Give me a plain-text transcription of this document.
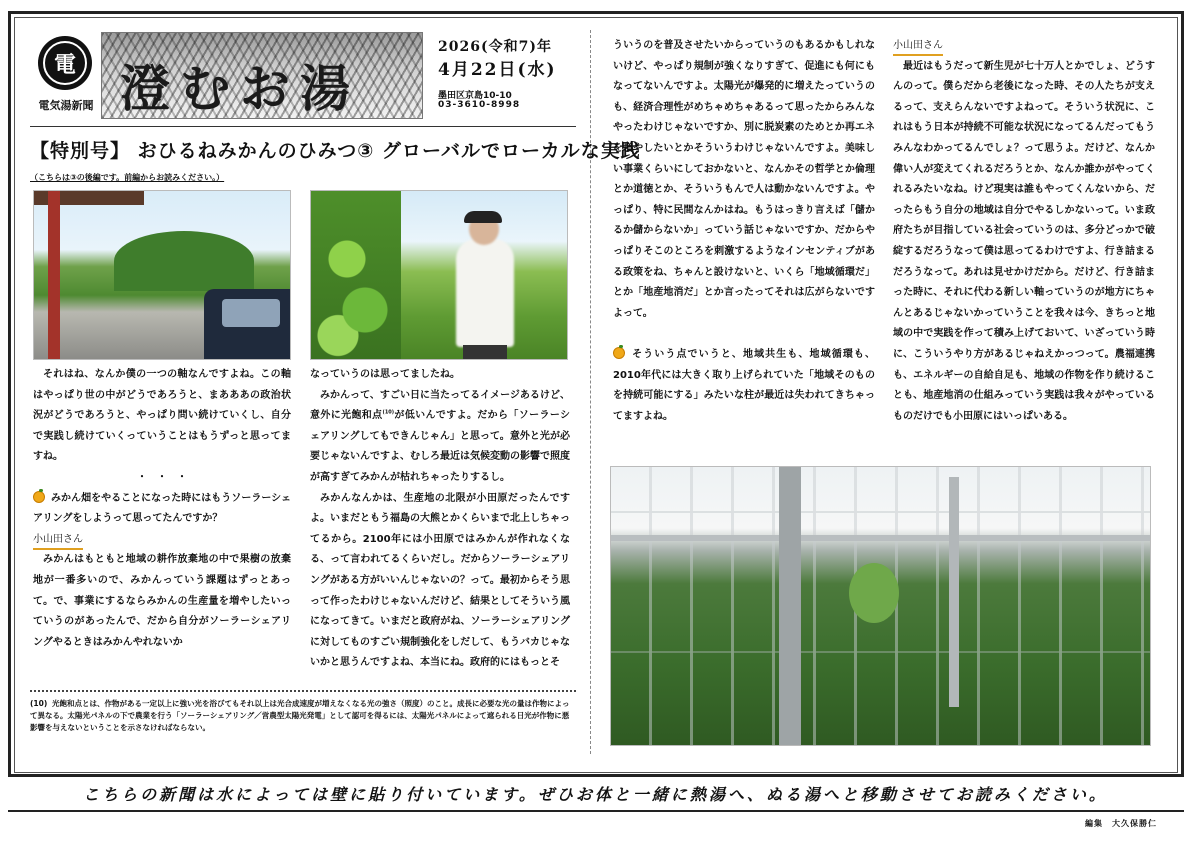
電
電気湯新聞 澄むお湯
2026(令和7)年
4月22日(水)
墨田区京島10-10
03-3610-8998
【特別号】 おひるねみかんのひみつ③ グローバルでローカルな実践
（こちらは③の後編です。前編からお読みください。）

それはね、なんか僕の一つの軸なんですよね。この軸はやっぱり世の中がどうであろうと、まあああの政治状況がどうであろうと、やっぱり問い続けていくし、自分で実践し続けていくっていうことはもうずっと思ってますね。

・・・

みかん畑をやることになった時にはもうソーラーシェアリングをしようって思ってたんですか？

小山田さん

みかんはもともと地域の耕作放棄地の中で果樹の放棄地が一番多いので、みかんっていう課題はずっとあって。で、事業にするならみかんの生産量を増やしたいっていうのがあったんで、だから自分がソーラーシェアリングやるときはみかんやれないか

なっていうのは思ってましたね。

みかんって、すごい日に当たってるイメージあるけど、意外に光飽和点$^{(10)}$が低いんですよ。だから「ソーラーシェアリングしてもできんじゃん」と思って。意外と光が必要じゃないんですよ、むしろ最近は気候変動の影響で照度が高すぎてみかんが枯れちゃったりするし。

みかんなんかは、生産地の北限が小田原だったんですよ。いまだともう福島の大熊とかくらいまで北上しちゃってるから。2100年には小田原ではみかんが作れなくなる、って言われてるくらいだし。だからソーラーシェアリングがある方がいいんじゃないの？って。最初からそう思って作ったわけじゃないんだけど、結果としてそういう風になってきて。いまだと政府がね、ソーラーシェアリングに対してものすごい規制強化をしだして、もうバカじゃないかと思うんですよね、本当にね。政府的にはもっとそ

ういうのを普及させたいからっていうのもあるかもしれないけど、やっぱり規制が強くなりすぎて、促進にも何にもなってないんですよ。太陽光が爆発的に増えたっていうのも、経済合理性がめちゃめちゃあるって思ったからみんなやったわけじゃないですか、別に脱炭素のためとか再エネを増やしたいとかそういうわけじゃないんですよ。美味しい事業くらいにしておかないと、なんかその哲学とか倫理とか道徳とか、そういうもんで人は動かないんですよ。やっぱり、特に民間なんかはね。もうはっきり言えば「儲かるか儲からないか」っていう話じゃないですか、だからやっぱりそこのところを刺激するようなインセンティブがある政策をね、ちゃんと設けないと、いくら「地域循環だ」とか「地産地消だ」とか言ったってそれは広がらないですよって。

そういう点でいうと、地域共生も、地域循環も、2010年代には大きく取り上げられていた「地域そのものを持続可能にする」みたいな柱が最近は失われてきちゃってますよね。

小山田さん

最近はもうだって新生児が七十万人とかでしょ、どうすんのって。僕らだから老後になった時、その人たちが支えるって、支えらんないですよねって。そういう状況に、これはもう日本が持続不可能な状況になってるんだってもうみんなわかってるんでしょ？って思うよ。だけど、なんか偉い人が変えてくれるだろうとか、なんか誰かがやってくれるみたいなね。けど現実は誰もやってくんないから、だったらもう自分の地域は自分でやるしかないって。いま政府たちが目指している社会っていうのは、多分どっかで破綻するだろうなって僕は思ってるわけですよ、行き詰まるだろうなって。あれは見せかけだから。だけど、行き詰まった時に、それに代わる新しい軸っていうのが地方にちゃんとあるじゃないかっていうことを我々は今、きちっと地域の中で実践を作って積み上げておいて、いざっていう時に、こういうやり方があるじゃねえかっつって。農福連携も、エネルギーの自給自足も、地域の作物を作り続けることも、地産地消の仕組みっていう実践は我々がやっているものだけでも小田原にはいっぱいある。

(10) 光飽和点とは、作物がある一定以上に強い光を浴びてもそれ以上は光合成速度が増えなくなる光の強さ（照度）のこと。成長に必要な光の量は作物によって異なる。太陽光パネルの下で農業を行う「ソーラーシェアリング／営農型太陽光発電」として認可を得るには、太陽光パネルによって遮られる日光が作物に悪影響を与えないということを示さなければならない。
こちらの新聞は水によっては壁に貼り付いています。ぜひお体と一緒に熱湯へ、ぬる湯へと移動させてお読みください。
編集　大久保勝仁
